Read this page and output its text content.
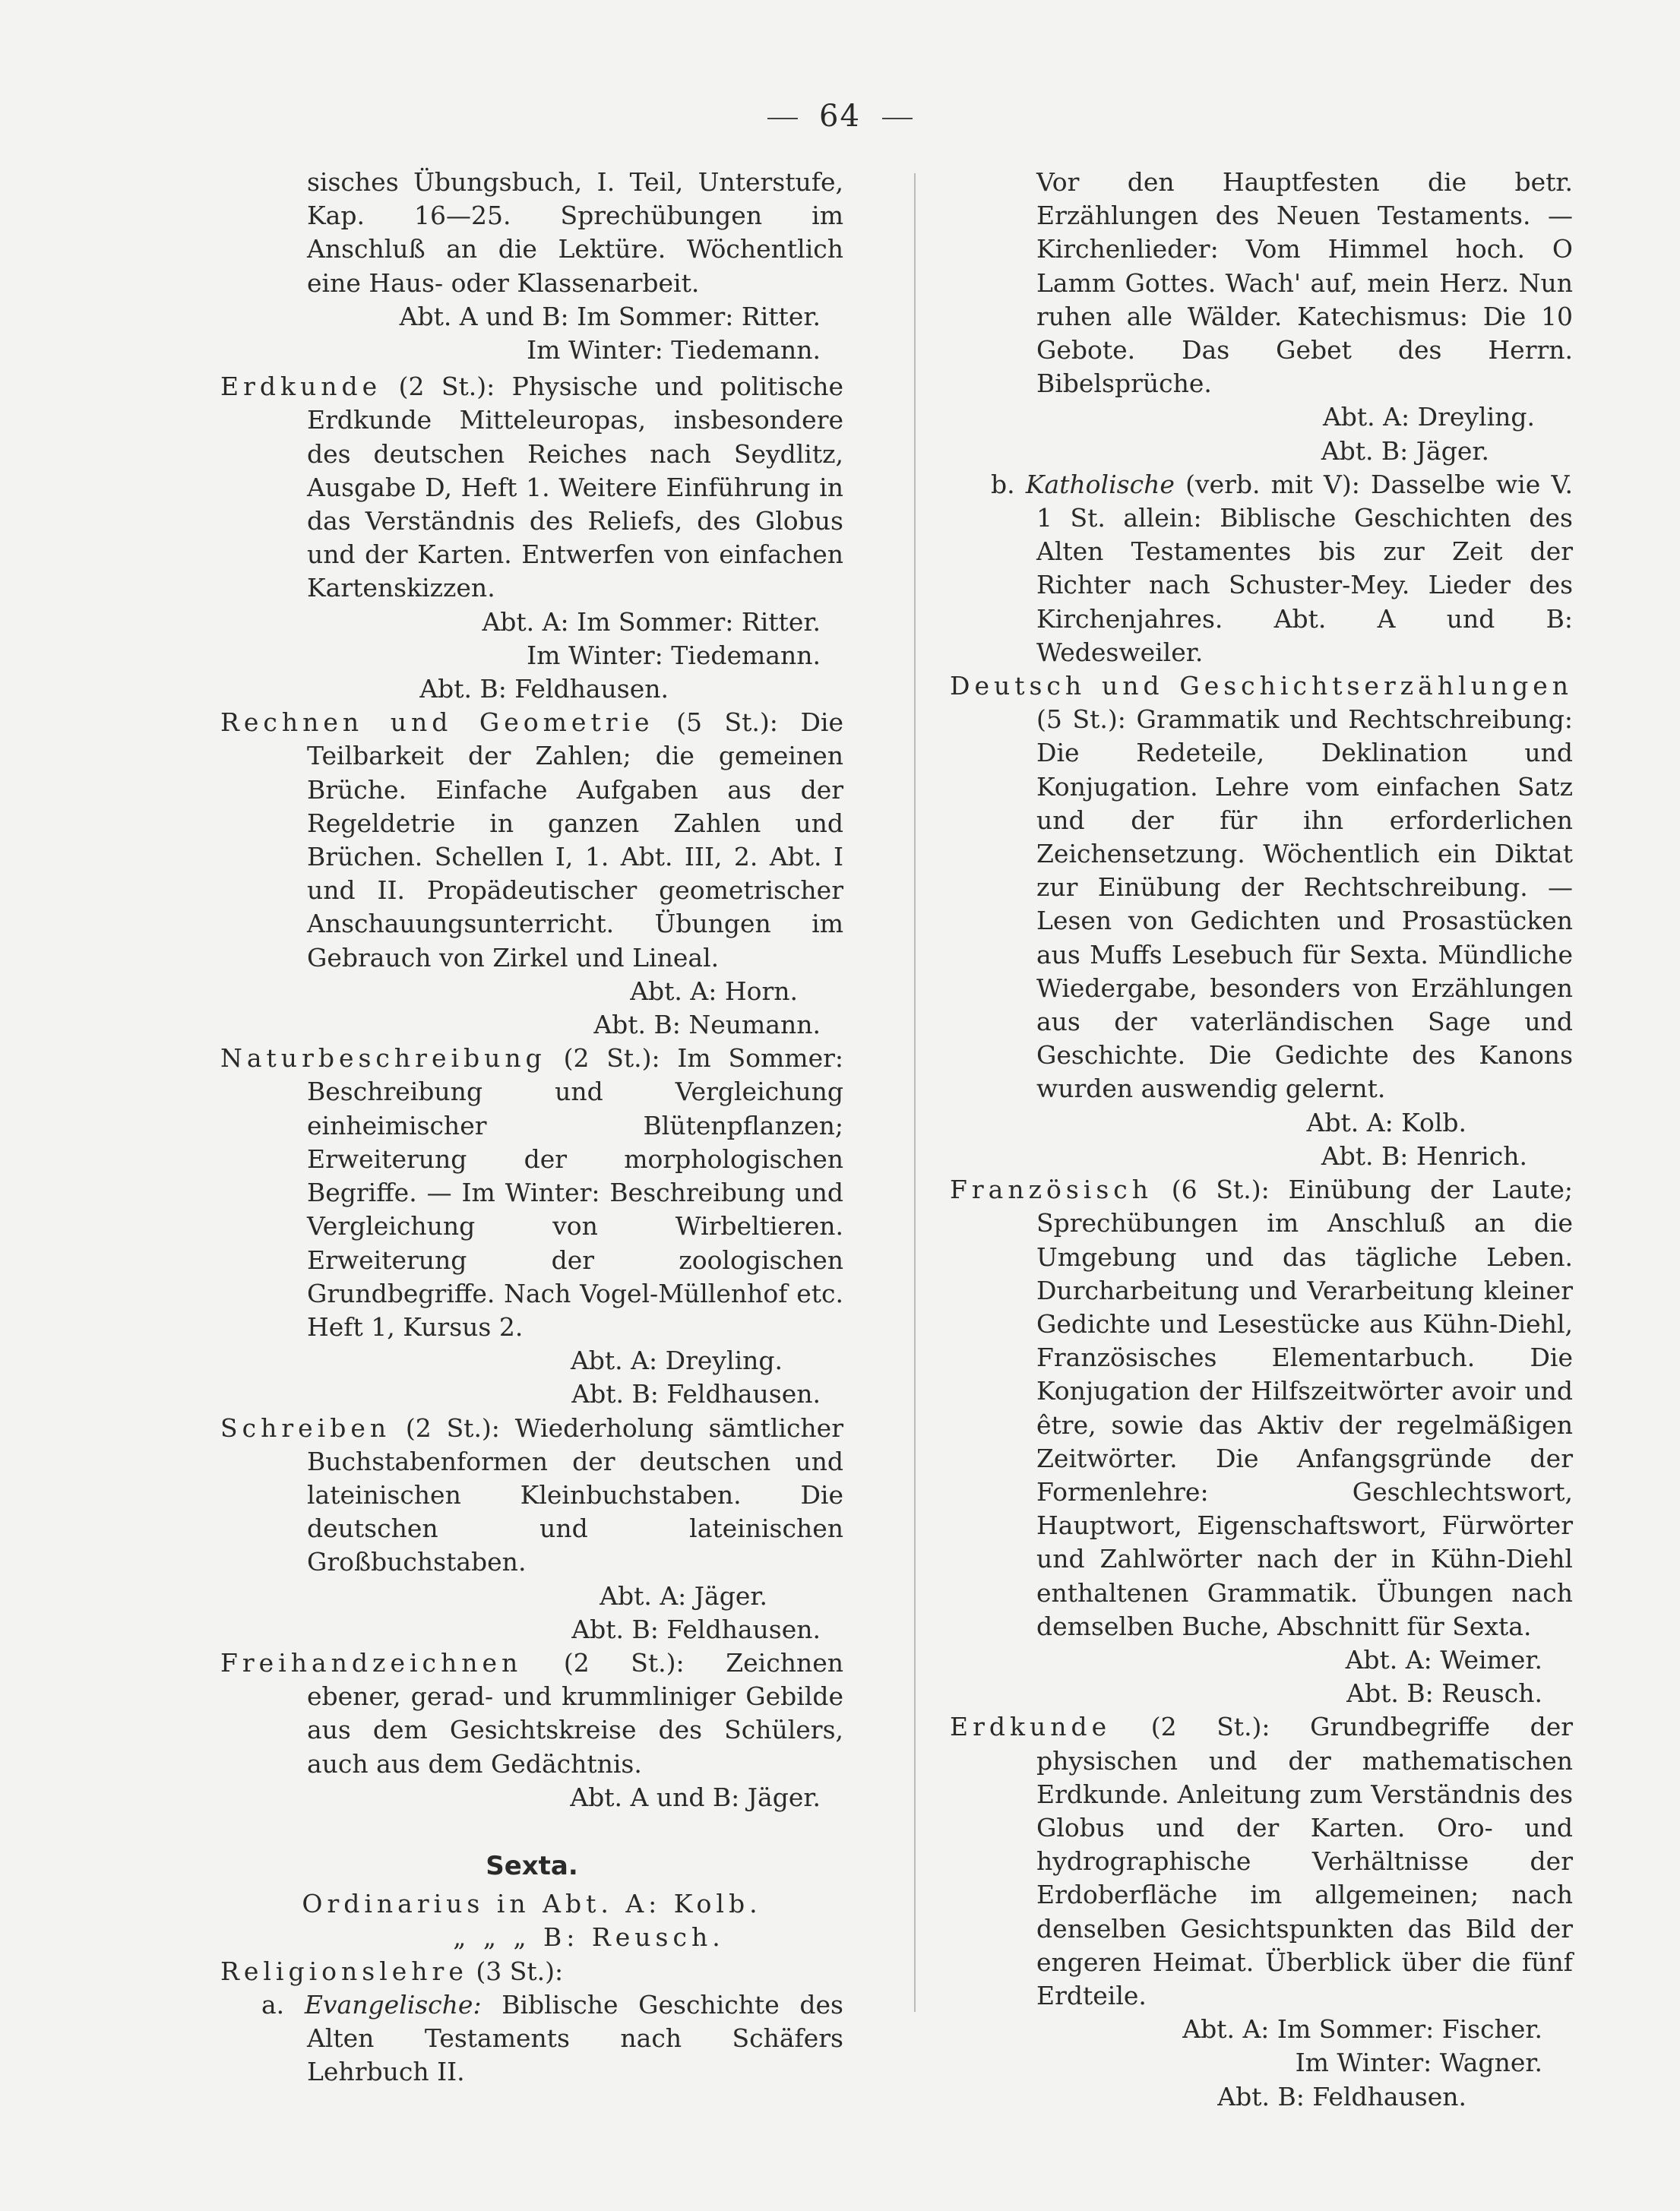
64
sisches Übungsbuch, I. Teil, Unterstufe, Kap. 16—25. Sprechübungen im Anschluß an die Lektüre. Wöchentlich eine Haus- oder Klassenarbeit.
Abt. A und B: Im Sommer: Ritter.
Im Winter: Tiedemann.
Erdkunde (2 St.): Physische und politische Erdkunde Mitteleuropas, insbesondere des deutschen Reiches nach Seydlitz, Ausgabe D, Heft 1. Weitere Einführung in das Verständnis des Reliefs, des Globus und der Karten. Entwerfen von einfachen Kartenskizzen.
Abt. A: Im Sommer: Ritter.
Im Winter: Tiedemann.
Abt. B: Feldhausen.
Rechnen und Geometrie (5 St.): Die Teilbarkeit der Zahlen; die gemeinen Brüche. Einfache Aufgaben aus der Regeldetrie in ganzen Zahlen und Brüchen. Schellen I, 1. Abt. III, 2. Abt. I und II. Propädeutischer geometrischer Anschauungsunterricht. Übungen im Gebrauch von Zirkel und Lineal.
Abt. A: Horn.
Abt. B: Neumann.
Naturbeschreibung (2 St.): Im Sommer: Beschreibung und Vergleichung einheimischer Blütenpflanzen; Erweiterung der morphologischen Begriffe. — Im Winter: Beschreibung und Vergleichung von Wirbeltieren. Erweiterung der zoologischen Grundbegriffe. Nach Vogel-Müllenhof etc. Heft 1, Kursus 2.
Abt. A: Dreyling.
Abt. B: Feldhausen.
Schreiben (2 St.): Wiederholung sämtlicher Buchstabenformen der deutschen und lateinischen Kleinbuchstaben. Die deutschen und lateinischen Großbuchstaben.
Abt. A: Jäger.
Abt. B: Feldhausen.
Freihandzeichnen (2 St.): Zeichnen ebener, gerad- und krummliniger Gebilde aus dem Gesichtskreise des Schülers, auch aus dem Gedächtnis.
Abt. A und B: Jäger.
Sexta.
Ordinarius in Abt. A: Kolb.
„ „ „ B: Reusch.
Religionslehre (3 St.):
a. Evangelische: Biblische Geschichte des Alten Testaments nach Schäfers Lehrbuch II.
Vor den Hauptfesten die betr. Erzählungen des Neuen Testaments. — Kirchenlieder: Vom Himmel hoch. O Lamm Gottes. Wach' auf, mein Herz. Nun ruhen alle Wälder. Katechismus: Die 10 Gebote. Das Gebet des Herrn. Bibelsprüche.
Abt. A: Dreyling.
Abt. B: Jäger.
b. Katholische (verb. mit V): Dasselbe wie V. 1 St. allein: Biblische Geschichten des Alten Testamentes bis zur Zeit der Richter nach Schuster-Mey. Lieder des Kirchenjahres. Abt. A und B: Wedesweiler.
Deutsch und Geschichtserzählungen (5 St.): Grammatik und Rechtschreibung: Die Redeteile, Deklination und Konjugation. Lehre vom einfachen Satz und der für ihn erforderlichen Zeichensetzung. Wöchentlich ein Diktat zur Einübung der Rechtschreibung. — Lesen von Gedichten und Prosastücken aus Muffs Lesebuch für Sexta. Mündliche Wiedergabe, besonders von Erzählungen aus der vaterländischen Sage und Geschichte. Die Gedichte des Kanons wurden auswendig gelernt.
Abt. A: Kolb.
Abt. B: Henrich.
Französisch (6 St.): Einübung der Laute; Sprechübungen im Anschluß an die Umgebung und das tägliche Leben. Durcharbeitung und Verarbeitung kleiner Gedichte und Lesestücke aus Kühn-Diehl, Französisches Elementarbuch. Die Konjugation der Hilfszeitwörter avoir und être, sowie das Aktiv der regelmäßigen Zeitwörter. Die Anfangsgründe der Formenlehre: Geschlechtswort, Hauptwort, Eigenschaftswort, Fürwörter und Zahlwörter nach der in Kühn-Diehl enthaltenen Grammatik. Übungen nach demselben Buche, Abschnitt für Sexta.
Abt. A: Weimer.
Abt. B: Reusch.
Erdkunde (2 St.): Grundbegriffe der physischen und der mathematischen Erdkunde. Anleitung zum Verständnis des Globus und der Karten. Oro- und hydrographische Verhältnisse der Erdoberfläche im allgemeinen; nach denselben Gesichtspunkten das Bild der engeren Heimat. Überblick über die fünf Erdteile.
Abt. A: Im Sommer: Fischer.
Im Winter: Wagner.
Abt. B: Feldhausen.
